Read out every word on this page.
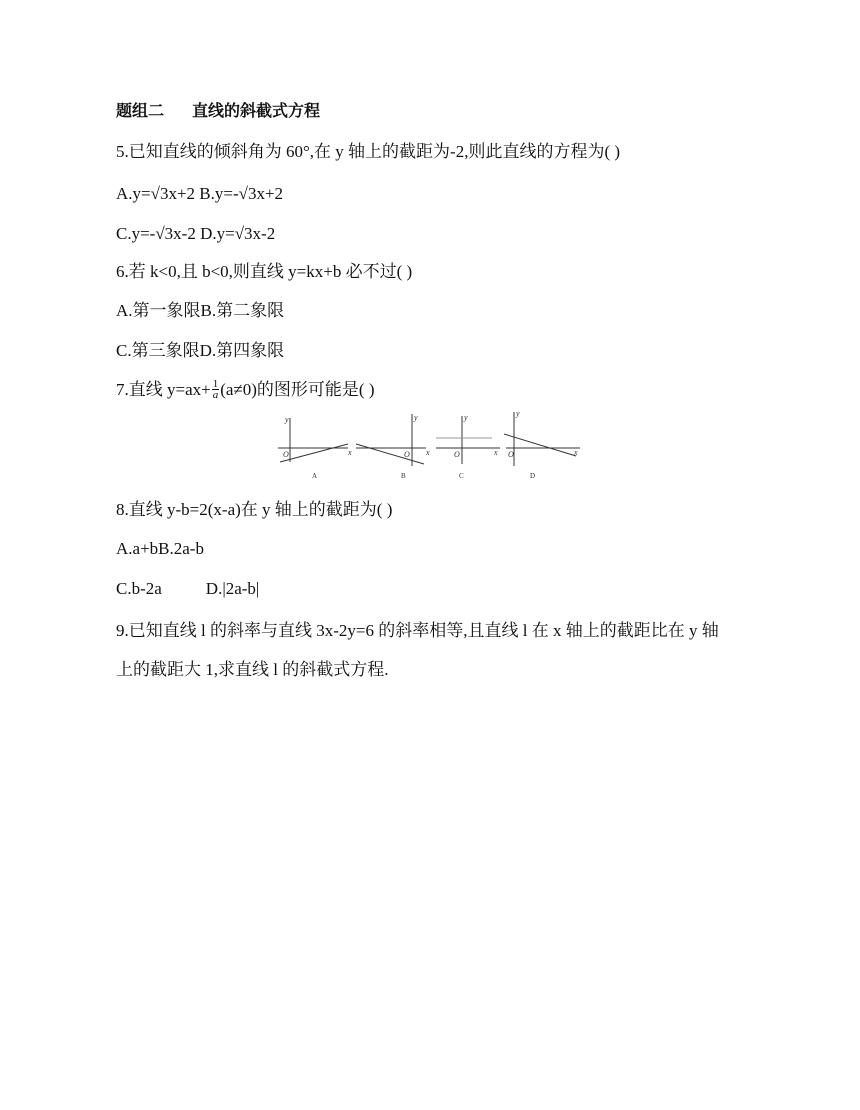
题组二 直线的斜截式方程
5.已知直线的倾斜角为 60°,在 y 轴上的截距为-2,则此直线的方程为( )
A.y=√3x+2 B.y=-√3x+2
C.y=-√3x-2 D.y=√3x-2
6.若 k<0,且 b<0,则直线 y=kx+b 必不过( )
A.第一象限B.第二象限
C.第三象限D.第四象限
7.直线 $y=ax+ \frac{1}{a} (a\ne 0)$的图形可能是( )
y
x
O
y
x
O
y
x
O
y
x
O
A	B	C	D
8.直线 y-b=2(x-a)在 y 轴上的截距为( )
A.a+bB.2a-b
C.b-2a	D.|2a-b|
9.已知直线 l 的斜率与直线 3x-2y=6 的斜率相等,且直线 l 在 x 轴上的截距比在 y 轴
上的截距大 1,求直线 l 的斜截式方程.
